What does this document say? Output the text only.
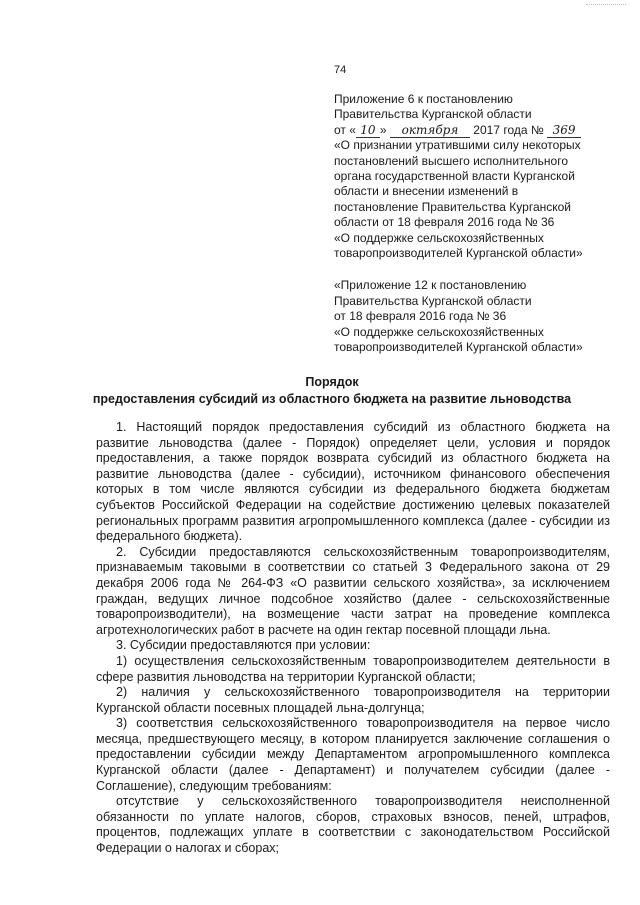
74
Приложение 6 к постановлению
Правительства Курганской области
от « 10 » октября 2017 года № 369
«О признании утратившими силу некоторых
постановлений высшего исполнительного
органа государственной власти Курганской
области и внесении изменений в
постановление Правительства Курганской
области от 18 февраля 2016 года № 36
«О поддержке сельскохозяйственных
товаропроизводителей Курганской области»
«Приложение 12 к постановлению
Правительства Курганской области
от 18 февраля 2016 года № 36
«О поддержке сельскохозяйственных
товаропроизводителей Курганской области»
Порядок
предоставления субсидий из областного бюджета на развитие льноводства

1. Настоящий порядок предоставления субсидий из областного бюджета на развитие льноводства (далее - Порядок) определяет цели, условия и порядок предоставления, а также порядок возврата субсидий из областного бюджета на развитие льноводства (далее - субсидии), источником финансового обеспечения которых в том числе являются субсидии из федерального бюджета бюджетам субъектов Российской Федерации на содействие достижению целевых показателей региональных программ развития агропромышленного комплекса (далее - субсидии из федерального бюджета).

2. Субсидии предоставляются сельскохозяйственным товаропроизводителям, признаваемым таковыми в соответствии со статьей 3 Федерального закона от 29 декабря 2006 года № 264-ФЗ «О развитии сельского хозяйства», за исключением граждан, ведущих личное подсобное хозяйство (далее - сельскохозяйственные товаропроизводители), на возмещение части затрат на проведение комплекса агротехнологических работ в расчете на один гектар посевной площади льна.

3. Субсидии предоставляются при условии:

1) осуществления сельскохозяйственным товаропроизводителем деятельности в сфере развития льноводства на территории Курганской области;

2) наличия у сельскохозяйственного товаропроизводителя на территории Курганской области посевных площадей льна-долгунца;

3) соответствия сельскохозяйственного товаропроизводителя на первое число месяца, предшествующего месяцу, в котором планируется заключение соглашения о предоставлении субсидии между Департаментом агропромышленного комплекса Курганской области (далее - Департамент) и получателем субсидии (далее - Соглашение), следующим требованиям:

отсутствие у сельскохозяйственного товаропроизводителя неисполненной обязанности по уплате налогов, сборов, страховых взносов, пеней, штрафов, процентов, подлежащих уплате в соответствии с законодательством Российской Федерации о налогах и сборах;
